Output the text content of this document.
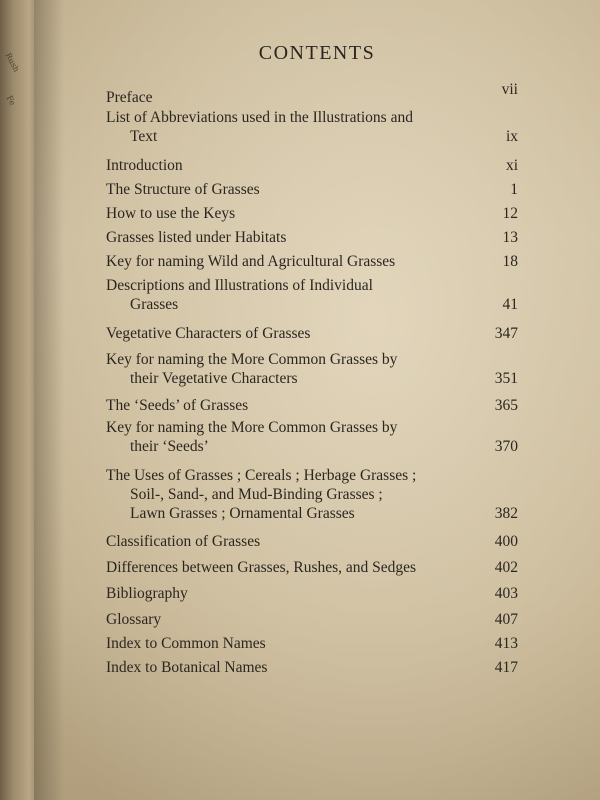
Rush
Fe
CONTENTS
Preface	vii
List of Abbreviations used in the Illustrations and
Text	ix
Introduction	xi
The Structure of Grasses	1
How to use the Keys	12
Grasses listed under Habitats	13
Key for naming Wild and Agricultural Grasses	18
Descriptions and Illustrations of Individual
Grasses	41
Vegetative Characters of Grasses	347
Key for naming the More Common Grasses by
their Vegetative Characters	351
The ‘Seeds’ of Grasses	365
Key for naming the More Common Grasses by
their ‘Seeds’	370
The Uses of Grasses ; Cereals ; Herbage Grasses ;
Soil-, Sand-, and Mud-Binding Grasses ;
Lawn Grasses ; Ornamental Grasses	382
Classification of Grasses	400
Differences between Grasses, Rushes, and Sedges	402
Bibliography	403
Glossary	407
Index to Common Names	413
Index to Botanical Names	417
